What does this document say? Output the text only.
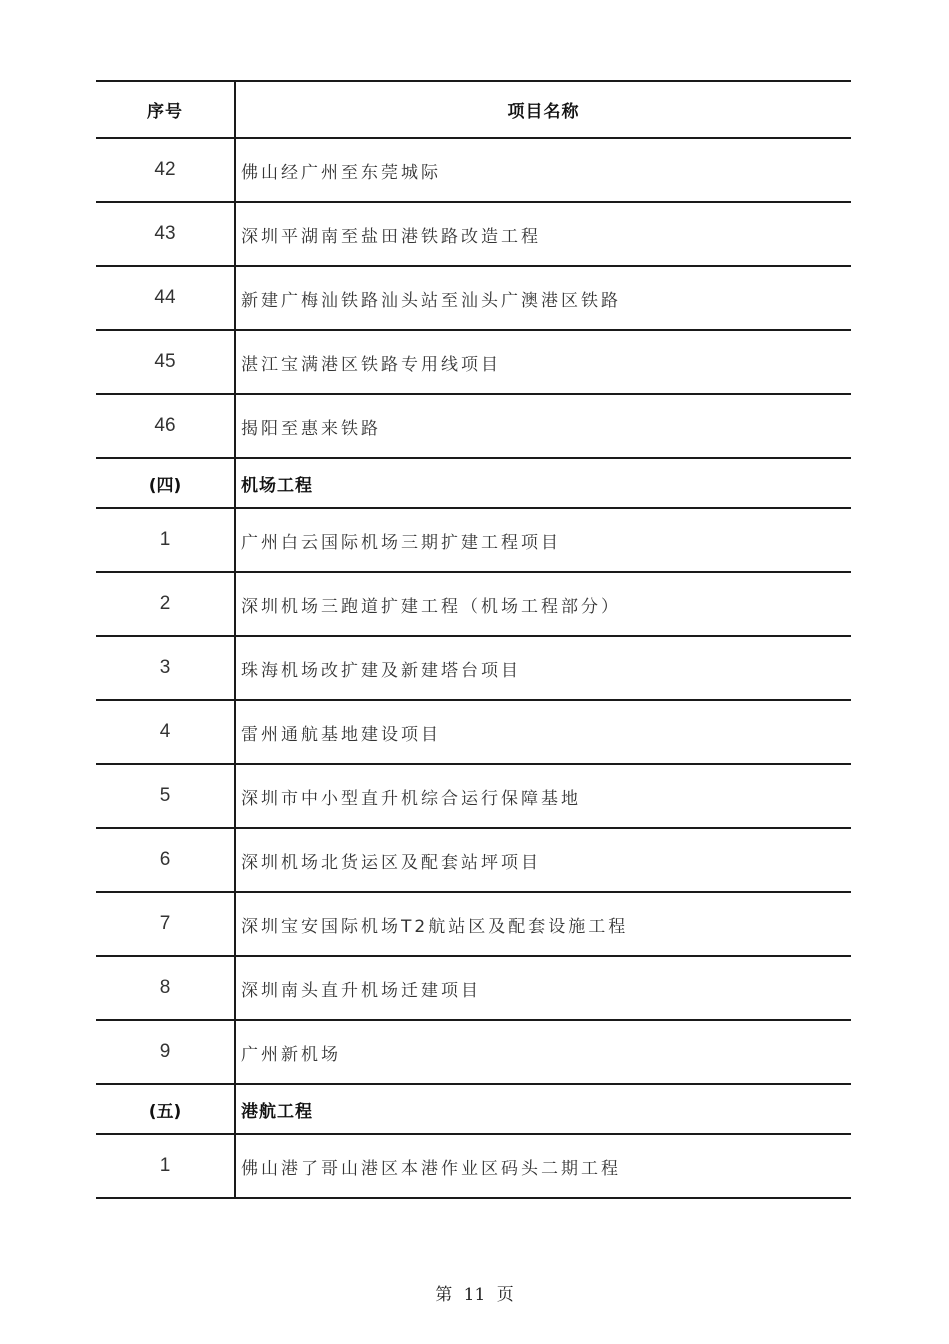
序号	项目名称
42	佛山经广州至东莞城际
43	深圳平湖南至盐田港铁路改造工程
44	新建广梅汕铁路汕头站至汕头广澳港区铁路
45	湛江宝满港区铁路专用线项目
46	揭阳至惠来铁路
(四)	机场工程
1	广州白云国际机场三期扩建工程项目
2	深圳机场三跑道扩建工程（机场工程部分）
3	珠海机场改扩建及新建塔台项目
4	雷州通航基地建设项目
5	深圳市中小型直升机综合运行保障基地
6	深圳机场北货运区及配套站坪项目
7	深圳宝安国际机场T2航站区及配套设施工程
8	深圳南头直升机场迁建项目
9	广州新机场
(五)	港航工程
1	佛山港了哥山港区本港作业区码头二期工程
第 11 页
